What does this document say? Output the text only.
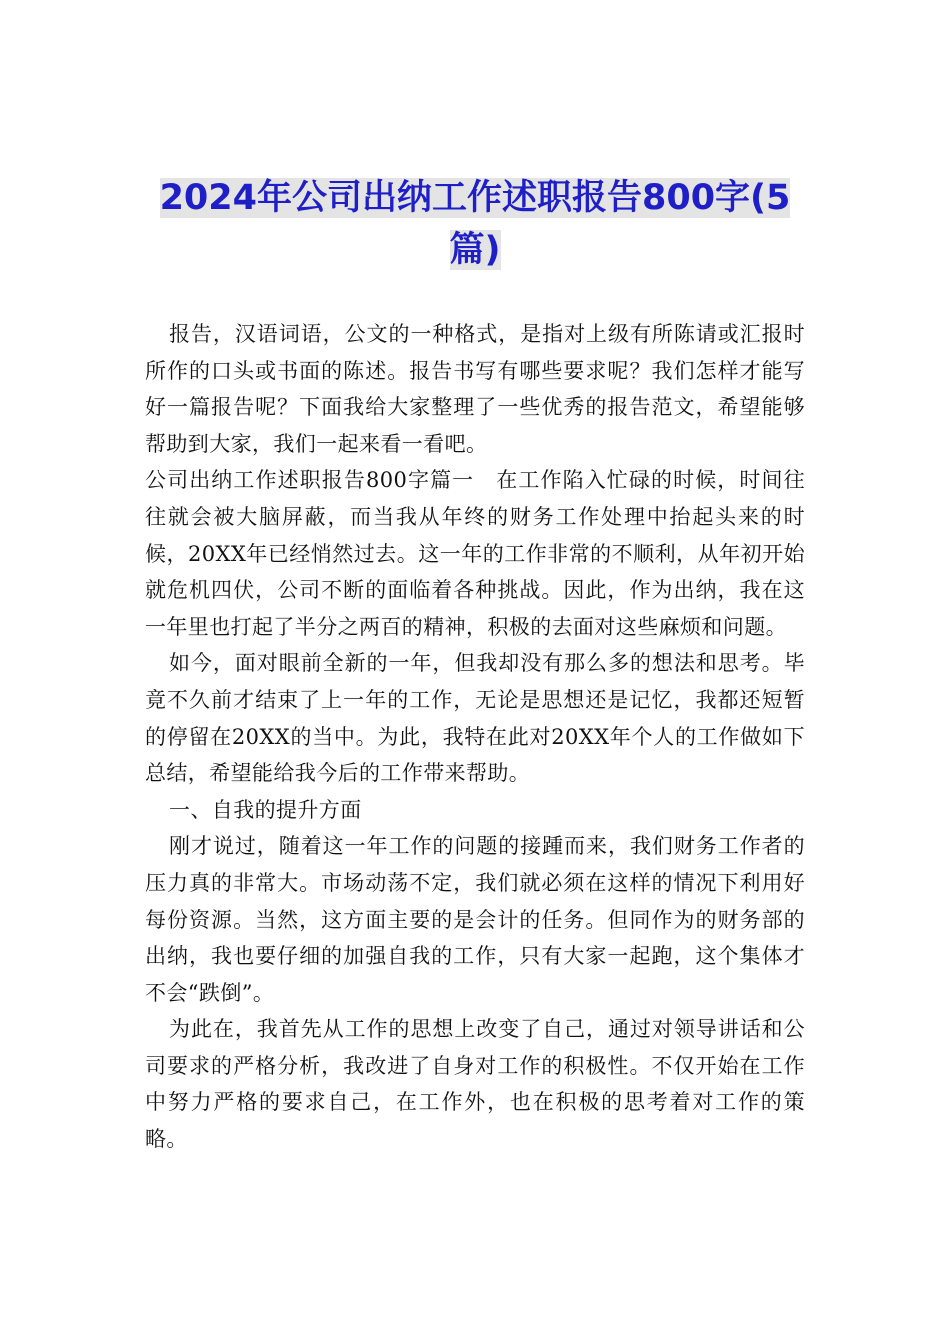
2024年公司出纳工作述职报告800字(5篇)

报告，汉语词语，公文的一种格式，是指对上级有所陈请或汇报时所作的口头或书面的陈述。报告书写有哪些要求呢？我们怎样才能写好一篇报告呢？下面我给大家整理了一些优秀的报告范文，希望能够帮助到大家，我们一起来看一看吧。

公司出纳工作述职报告800字篇一 在工作陷入忙碌的时候，时间往往就会被大脑屏蔽，而当我从年终的财务工作处理中抬起头来的时候，20XX年已经悄然过去。这一年的工作非常的不顺利，从年初开始就危机四伏，公司不断的面临着各种挑战。因此，作为出纳，我在这一年里也打起了半分之两百的精神，积极的去面对这些麻烦和问题。

如今，面对眼前全新的一年，但我却没有那么多的想法和思考。毕竟不久前才结束了上一年的工作，无论是思想还是记忆，我都还短暂的停留在20XX的当中。为此，我特在此对20XX年个人的工作做如下总结，希望能给我今后的工作带来帮助。

一、自我的提升方面

刚才说过，随着这一年工作的问题的接踵而来，我们财务工作者的压力真的非常大。市场动荡不定，我们就必须在这样的情况下利用好每份资源。当然，这方面主要的是会计的任务。但同作为的财务部的出纳，我也要仔细的加强自我的工作，只有大家一起跑，这个集体才不会“跌倒”。

为此在，我首先从工作的思想上改变了自己，通过对领导讲话和公司要求的严格分析，我改进了自身对工作的积极性。不仅开始在工作中努力严格的要求自己，在工作外，也在积极的思考着对工作的策略。
